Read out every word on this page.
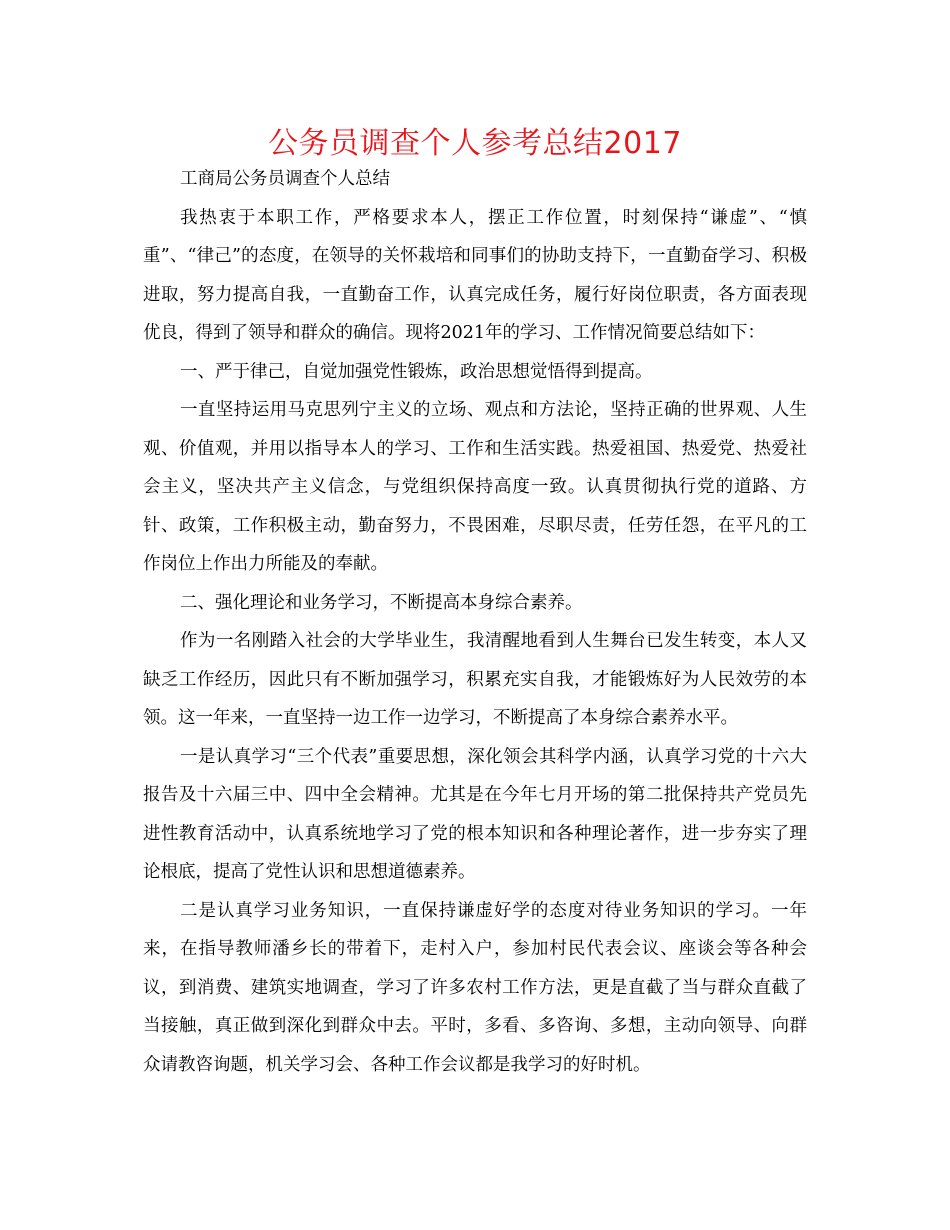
公务员调查个人参考总结2017

工商局公务员调查个人总结

我热衷于本职工作，严格要求本人，摆正工作位置，时刻保持“谦虚”、“慎重”、“律己”的态度，在领导的关怀栽培和同事们的协助支持下，一直勤奋学习、积极进取，努力提高自我，一直勤奋工作，认真完成任务，履行好岗位职责，各方面表现优良，得到了领导和群众的确信。现将2021年的学习、工作情况简要总结如下：

一、严于律己，自觉加强党性锻炼，政治思想觉悟得到提高。

一直坚持运用马克思列宁主义的立场、观点和方法论，坚持正确的世界观、人生观、价值观，并用以指导本人的学习、工作和生活实践。热爱祖国、热爱党、热爱社会主义，坚决共产主义信念，与党组织保持高度一致。认真贯彻执行党的道路、方针、政策，工作积极主动，勤奋努力，不畏困难，尽职尽责，任劳任怨，在平凡的工作岗位上作出力所能及的奉献。

二、强化理论和业务学习，不断提高本身综合素养。

作为一名刚踏入社会的大学毕业生，我清醒地看到人生舞台已发生转变，本人又缺乏工作经历，因此只有不断加强学习，积累充实自我，才能锻炼好为人民效劳的本领。这一年来，一直坚持一边工作一边学习，不断提高了本身综合素养水平。

一是认真学习“三个代表”重要思想，深化领会其科学内涵，认真学习党的十六大报告及十六届三中、四中全会精神。尤其是在今年七月开场的第二批保持共产党员先进性教育活动中，认真系统地学习了党的根本知识和各种理论著作，进一步夯实了理论根底，提高了党性认识和思想道德素养。

二是认真学习业务知识，一直保持谦虚好学的态度对待业务知识的学习。一年来，在指导教师潘乡长的带着下，走村入户，参加村民代表会议、座谈会等各种会议，到消费、建筑实地调查，学习了许多农村工作方法，更是直截了当与群众直截了当接触，真正做到深化到群众中去。平时，多看、多咨询、多想，主动向领导、向群众请教咨询题，机关学习会、各种工作会议都是我学习的好时机。
